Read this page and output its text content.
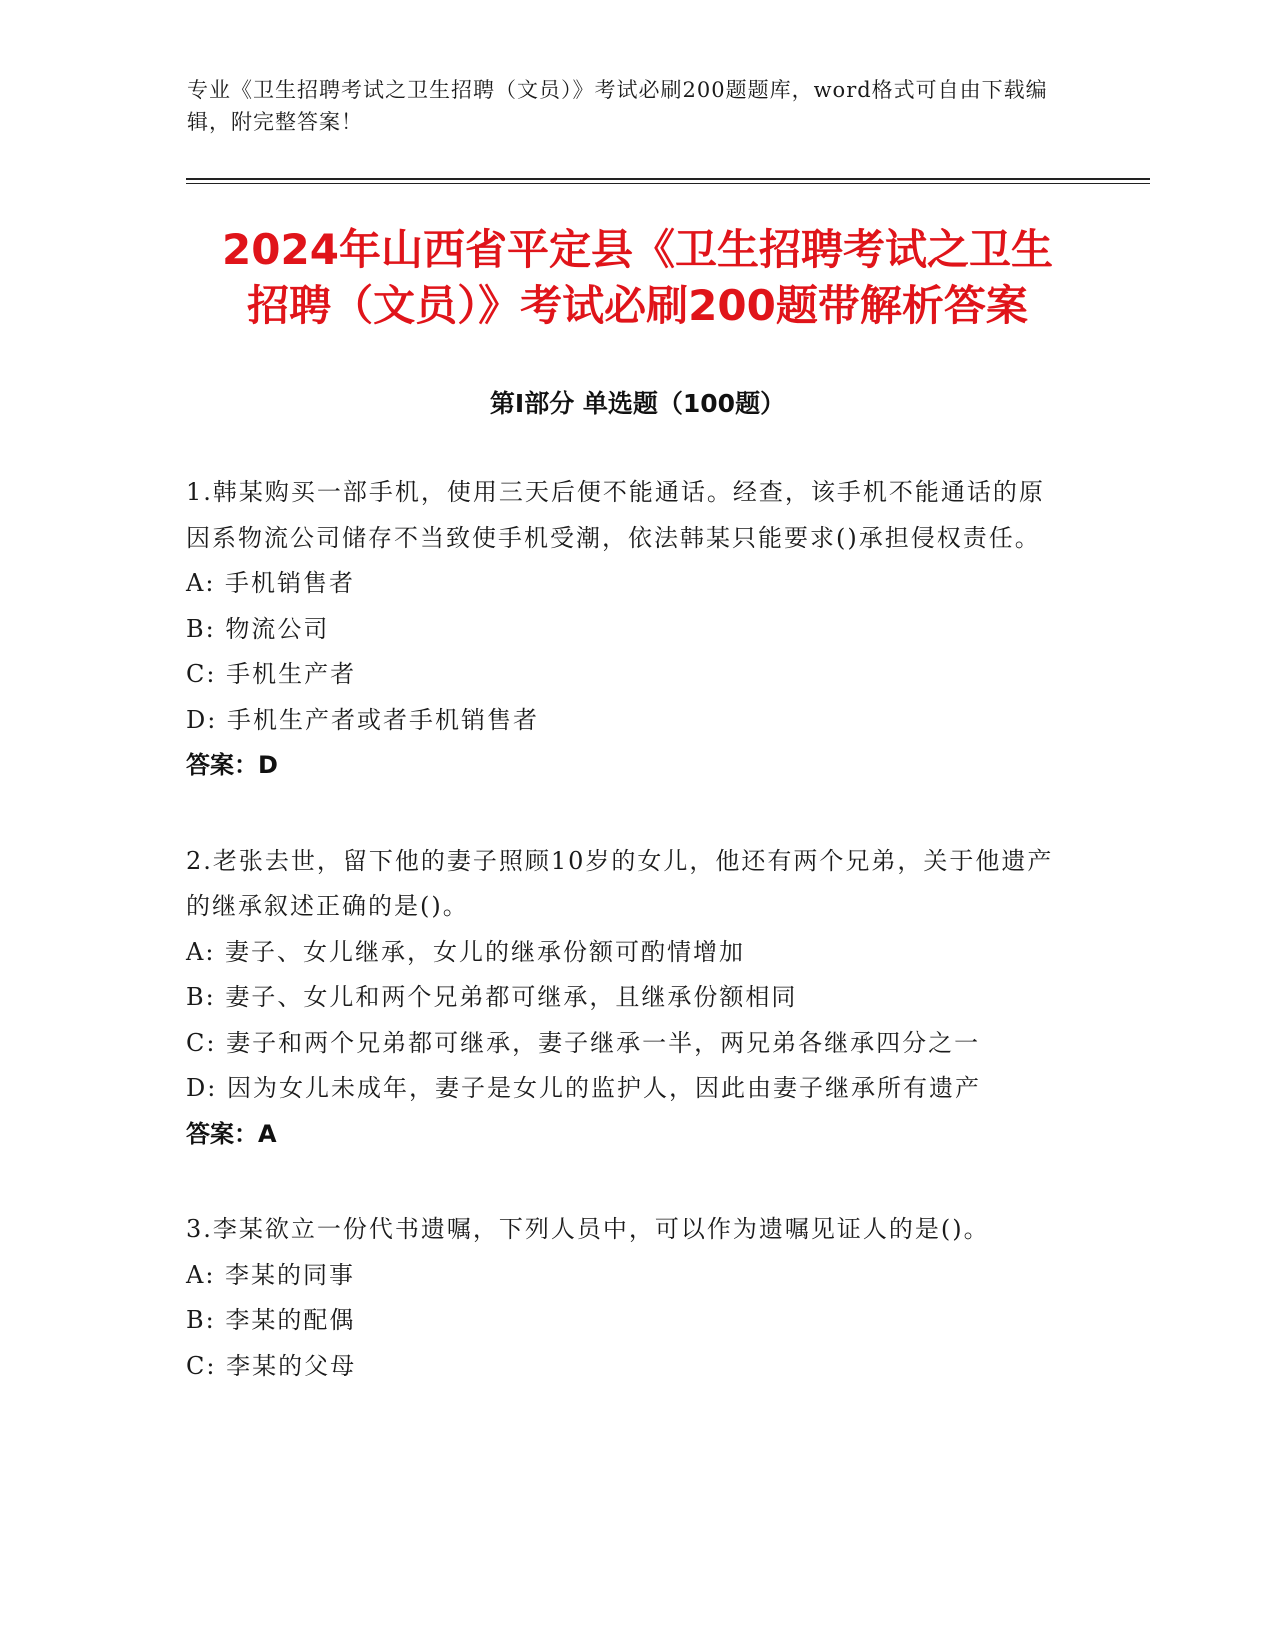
专业《卫生招聘考试之卫生招聘（文员）》考试必刷200题题库，word格式可自由下载编辑，附完整答案！
2024年山西省平定县《卫生招聘考试之卫生
招聘（文员）》考试必刷200题带解析答案
第Ⅰ部分 单选题（100题）
1.韩某购买一部手机，使用三天后便不能通话。经查，该手机不能通话的原因系物流公司储存不当致使手机受潮，依法韩某只能要求()承担侵权责任。
A: 手机销售者
B: 物流公司
C: 手机生产者
D: 手机生产者或者手机销售者
答案：D
2.老张去世，留下他的妻子照顾10岁的女儿，他还有两个兄弟，关于他遗产的继承叙述正确的是()。
A: 妻子、女儿继承，女儿的继承份额可酌情增加
B: 妻子、女儿和两个兄弟都可继承，且继承份额相同
C: 妻子和两个兄弟都可继承，妻子继承一半，两兄弟各继承四分之一
D: 因为女儿未成年，妻子是女儿的监护人，因此由妻子继承所有遗产
答案：A
3.李某欲立一份代书遗嘱，下列人员中，可以作为遗嘱见证人的是()。
A: 李某的同事
B: 李某的配偶
C: 李某的父母
